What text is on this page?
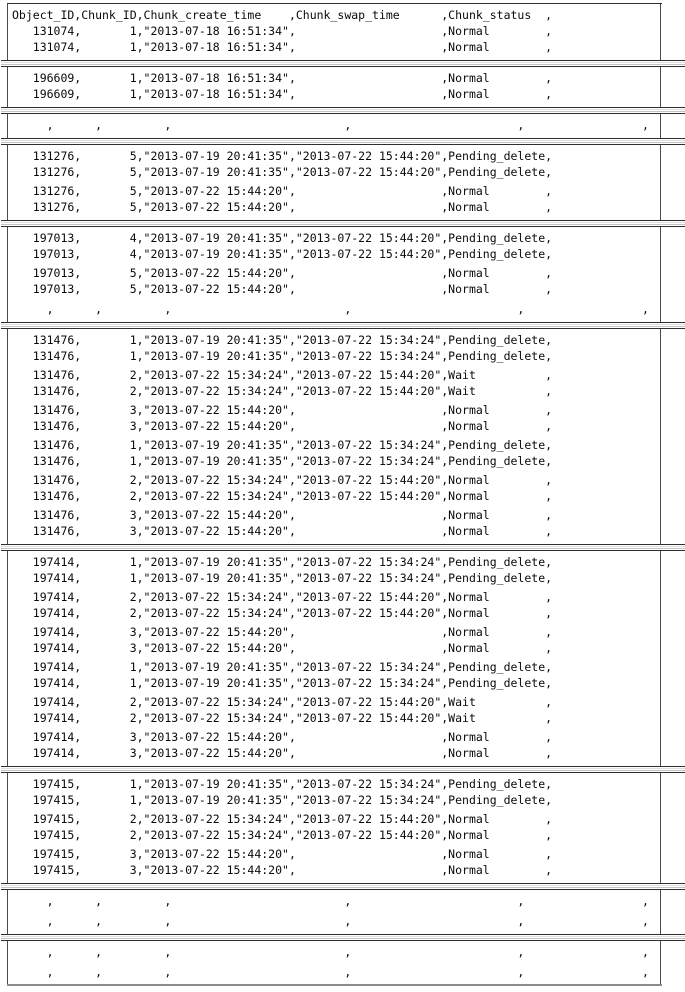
Object_ID,Chunk_ID,Chunk_create_time    ,Chunk_swap_time      ,Chunk_status  ,
131074,       1,"2013-07-18 16:51:34",                     ,Normal        ,
131074,       1,"2013-07-18 16:51:34",                     ,Normal        ,
196609,       1,"2013-07-18 16:51:34",                     ,Normal        ,
196609,       1,"2013-07-18 16:51:34",                     ,Normal        ,
,      ,         ,                         ,                        ,                 ,
131276,       5,"2013-07-19 20:41:35","2013-07-22 15:44:20",Pending_delete,
131276,       5,"2013-07-19 20:41:35","2013-07-22 15:44:20",Pending_delete,
131276,       5,"2013-07-22 15:44:20",                     ,Normal        ,
131276,       5,"2013-07-22 15:44:20",                     ,Normal        ,
197013,       4,"2013-07-19 20:41:35","2013-07-22 15:44:20",Pending_delete,
197013,       4,"2013-07-19 20:41:35","2013-07-22 15:44:20",Pending_delete,
197013,       5,"2013-07-22 15:44:20",                     ,Normal        ,
197013,       5,"2013-07-22 15:44:20",                     ,Normal        ,
,      ,         ,                         ,                        ,                 ,
131476,       1,"2013-07-19 20:41:35","2013-07-22 15:34:24",Pending_delete,
131476,       1,"2013-07-19 20:41:35","2013-07-22 15:34:24",Pending_delete,
131476,       2,"2013-07-22 15:34:24","2013-07-22 15:44:20",Wait          ,
131476,       2,"2013-07-22 15:34:24","2013-07-22 15:44:20",Wait          ,
131476,       3,"2013-07-22 15:44:20",                     ,Normal        ,
131476,       3,"2013-07-22 15:44:20",                     ,Normal        ,
131476,       1,"2013-07-19 20:41:35","2013-07-22 15:34:24",Pending_delete,
131476,       1,"2013-07-19 20:41:35","2013-07-22 15:34:24",Pending_delete,
131476,       2,"2013-07-22 15:34:24","2013-07-22 15:44:20",Normal        ,
131476,       2,"2013-07-22 15:34:24","2013-07-22 15:44:20",Normal        ,
131476,       3,"2013-07-22 15:44:20",                     ,Normal        ,
131476,       3,"2013-07-22 15:44:20",                     ,Normal        ,
197414,       1,"2013-07-19 20:41:35","2013-07-22 15:34:24",Pending_delete,
197414,       1,"2013-07-19 20:41:35","2013-07-22 15:34:24",Pending_delete,
197414,       2,"2013-07-22 15:34:24","2013-07-22 15:44:20",Normal        ,
197414,       2,"2013-07-22 15:34:24","2013-07-22 15:44:20",Normal        ,
197414,       3,"2013-07-22 15:44:20",                     ,Normal        ,
197414,       3,"2013-07-22 15:44:20",                     ,Normal        ,
197414,       1,"2013-07-19 20:41:35","2013-07-22 15:34:24",Pending_delete,
197414,       1,"2013-07-19 20:41:35","2013-07-22 15:34:24",Pending_delete,
197414,       2,"2013-07-22 15:34:24","2013-07-22 15:44:20",Wait          ,
197414,       2,"2013-07-22 15:34:24","2013-07-22 15:44:20",Wait          ,
197414,       3,"2013-07-22 15:44:20",                     ,Normal        ,
197414,       3,"2013-07-22 15:44:20",                     ,Normal        ,
197415,       1,"2013-07-19 20:41:35","2013-07-22 15:34:24",Pending_delete,
197415,       1,"2013-07-19 20:41:35","2013-07-22 15:34:24",Pending_delete,
197415,       2,"2013-07-22 15:34:24","2013-07-22 15:44:20",Normal        ,
197415,       2,"2013-07-22 15:34:24","2013-07-22 15:44:20",Normal        ,
197415,       3,"2013-07-22 15:44:20",                     ,Normal        ,
197415,       3,"2013-07-22 15:44:20",                     ,Normal        ,
,      ,         ,                         ,                        ,                 ,
,      ,         ,                         ,                        ,                 ,
,      ,         ,                         ,                        ,                 ,
,      ,         ,                         ,                        ,                 ,
